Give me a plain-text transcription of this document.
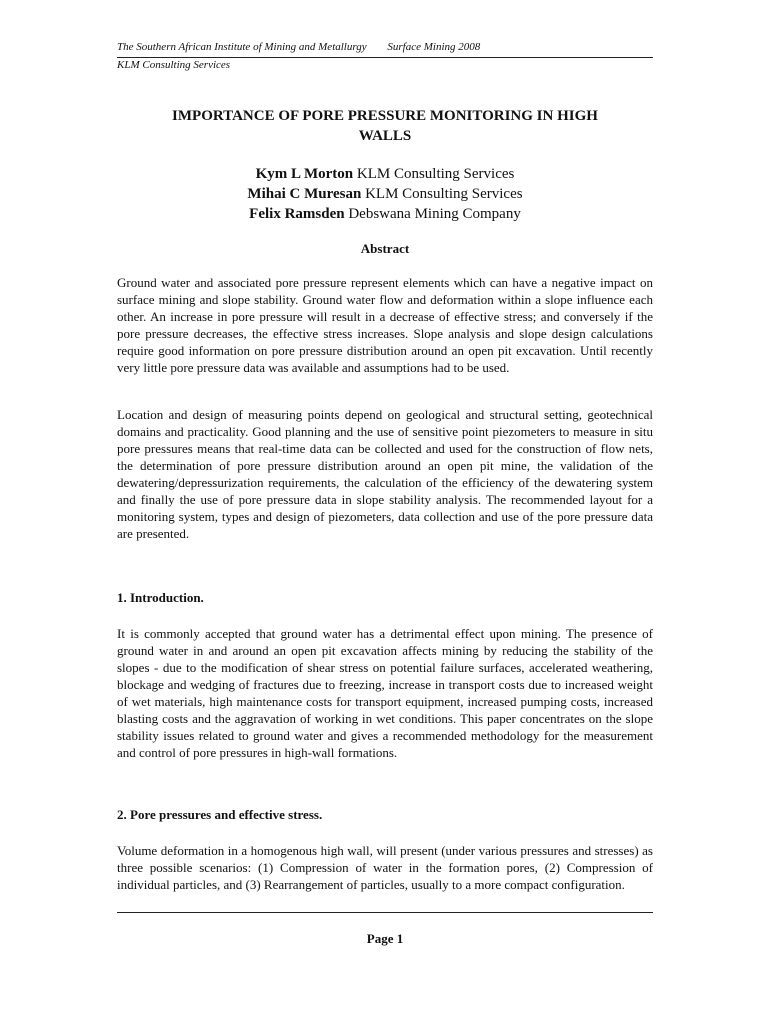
The Southern African Institute of Mining and Metallurgy Surface Mining 2008
KLM Consulting Services
IMPORTANCE OF PORE PRESSURE MONITORING IN HIGH
WALLS
Kym L Morton KLM Consulting Services
Mihai C Muresan KLM Consulting Services
Felix Ramsden Debswana Mining Company
Abstract

Ground water and associated pore pressure represent elements which can have a negative impact on surface mining and slope stability. Ground water flow and deformation within a slope influence each other. An increase in pore pressure will result in a decrease of effective stress; and conversely if the pore pressure decreases, the effective stress increases. Slope analysis and slope design calculations require good information on pore pressure distribution around an open pit excavation. Until recently very little pore pressure data was available and assumptions had to be used.

Location and design of measuring points depend on geological and structural setting, geotechnical domains and practicality. Good planning and the use of sensitive point piezometers to measure in situ pore pressures means that real-time data can be collected and used for the construction of flow nets, the determination of pore pressure distribution around an open pit mine, the validation of the dewatering/depressurization requirements, the calculation of the efficiency of the dewatering system and finally the use of pore pressure data in slope stability analysis. The recommended layout for a monitoring system, types and design of piezometers, data collection and use of the pore pressure data are presented.

1. Introduction.

It is commonly accepted that ground water has a detrimental effect upon mining. The presence of ground water in and around an open pit excavation affects mining by reducing the stability of the slopes - due to the modification of shear stress on potential failure surfaces, accelerated weathering, blockage and wedging of fractures due to freezing, increase in transport costs due to increased weight of wet materials, high maintenance costs for transport equipment, increased pumping costs, increased blasting costs and the aggravation of working in wet conditions. This paper concentrates on the slope stability issues related to ground water and gives a recommended methodology for the measurement and control of pore pressures in high-wall formations.

2. Pore pressures and effective stress.

Volume deformation in a homogenous high wall, will present (under various pressures and stresses) as three possible scenarios: (1) Compression of water in the formation pores, (2) Compression of individual particles, and (3) Rearrangement of particles, usually to a more compact configuration.

Page 1
